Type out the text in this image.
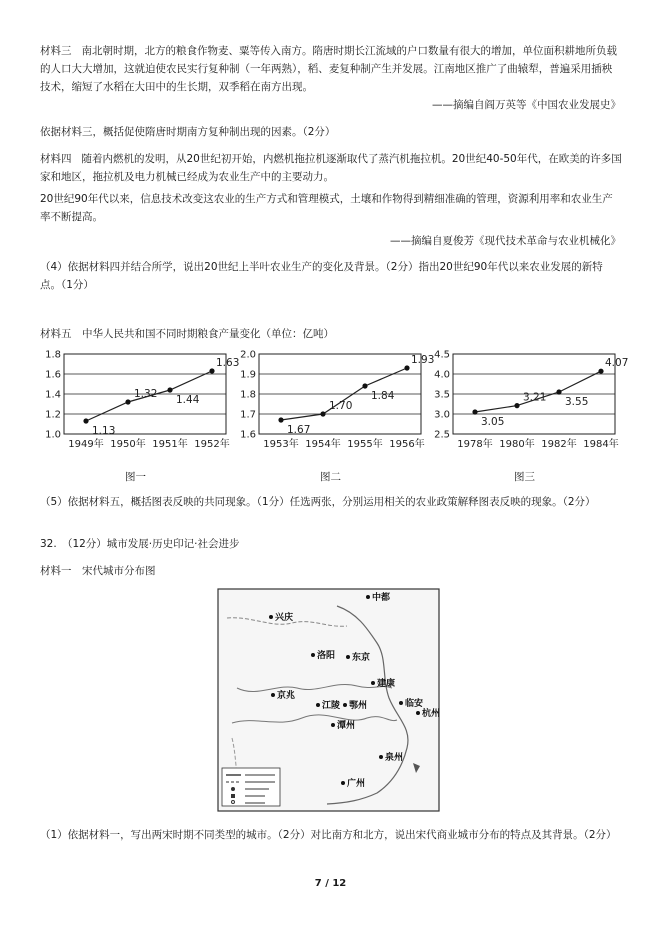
材料三 南北朝时期，北方的粮食作物麦、粟等传入南方。隋唐时期长江流域的户口数量有很大的增加，单位面积耕地所负载的人口大大增加，这就迫使农民实行复种制（一年两熟），稻、麦复种制产生并发展。江南地区推广了曲辕犁，普遍采用插秧技术，缩短了水稻在大田中的生长期，双季稻在南方出现。

——摘编自阎万英等《中国农业发展史》

依据材料三，概括促使隋唐时期南方复种制出现的因素。（2分）

材料四 随着内燃机的发明，从20世纪初开始，内燃机拖拉机逐渐取代了蒸汽机拖拉机。20世纪40-50年代，在欧美的许多国家和地区，拖拉机及电力机械已经成为农业生产中的主要动力。

20世纪90年代以来，信息技术改变这农业的生产方式和管理模式，土壤和作物得到精细准确的管理，资源利用率和农业生产率不断提高。

——摘编自夏俊芳《现代技术革命与农业机械化》

（4）依据材料四并结合所学，说出20世纪上半叶农业生产的变化及背景。（2分）指出20世纪90年代以来农业发展的新特点。（1分）

材料五　中华人民共和国不同时期粮食产量变化（单位：亿吨）

1.0
1.2
1.4
1.6
1.8
1949年 1950年 1951年 1952年
1.13
1.32 1.44
1.63
1.6
1.7
1.8
1.9
2.0
1953年 1954年 1955年 1956年
1.67
1.70
1.84
1.93
2.5
3.0
3.5
4.0
4.5
1978年 1980年 1982年 1984年
3.05
3.21 3.55
4.07
图一	图二	图三

（5）依据材料五，概括图表反映的共同现象。（1分）任选两张，分别运用相关的农业政策解释图表反映的现象。（2分）

32.　（12分）城市发展·历史印记·社会进步

材料一　宋代城市分布图

兴庆
中都
洛阳 东京
建康
江陵 鄂州	临安
潭州
泉州
广州
杭州
京兆

（1）依据材料一，写出两宋时期不同类型的城市。（2分）对比南方和北方，说出宋代商业城市分布的特点及其背景。（2分）

7 / 12
